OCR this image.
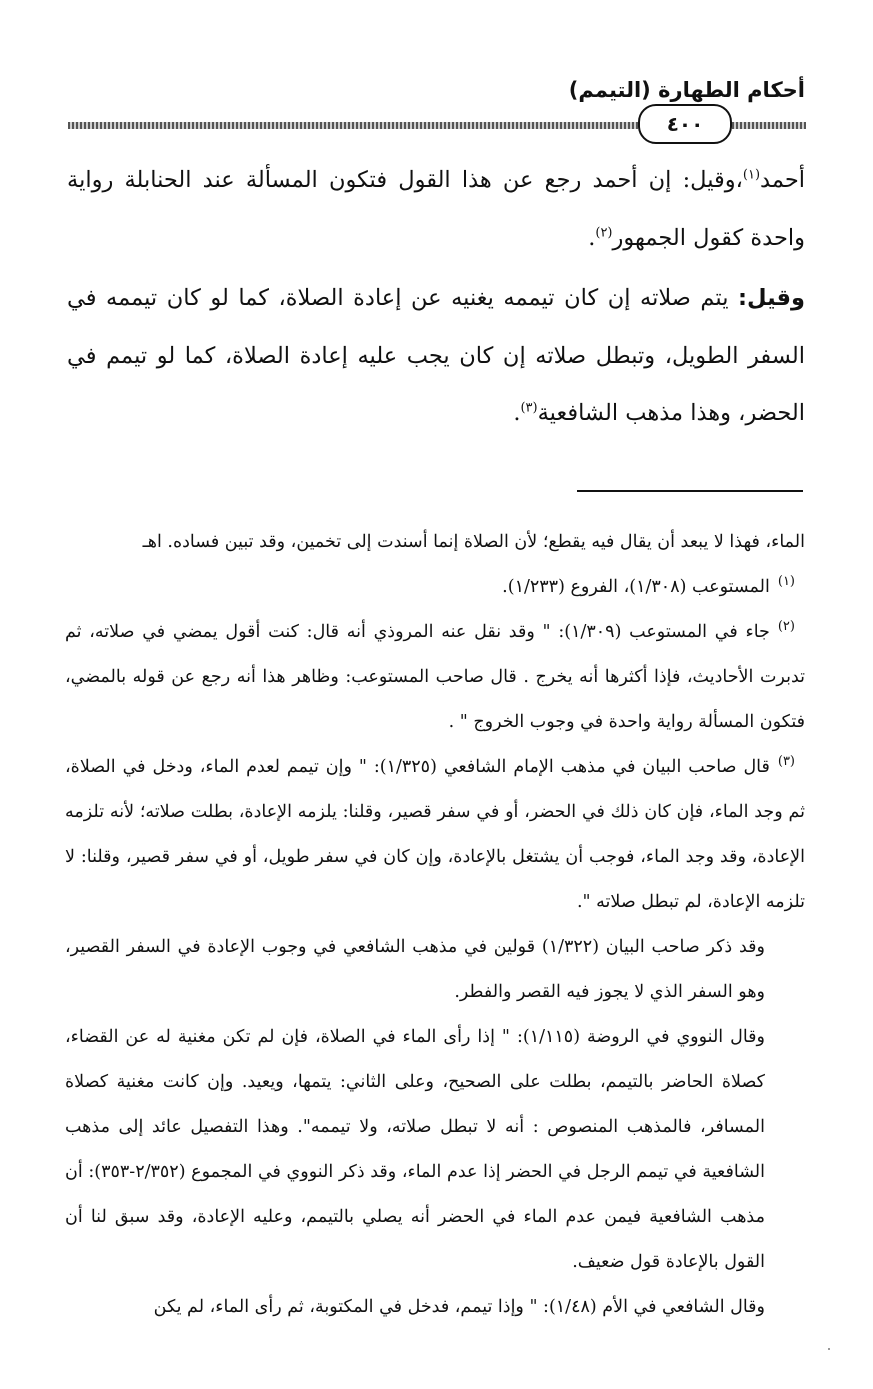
أحكام الطهارة (التيمم)
٤٠٠

أحمد$^{(١)}$،وقيل: إن أحمد رجع عن هذا القول فتكون المسألة عند الحنابلة رواية واحدة كقول الجمهور$^{(٢)}$.

وقيل: يتم صلاته إن كان تيممه يغنيه عن إعادة الصلاة، كما لو كان تيممه في السفر الطويل، وتبطل صلاته إن كان يجب عليه إعادة الصلاة، كما لو تيمم في الحضر، وهذا مذهب الشافعية$^{(٣)}$.

الماء، فهذا لا يبعد أن يقال فيه يقطع؛ لأن الصلاة إنما أسندت إلى تخمين، وقد تبين فساده. اهـ

$^{(١)}$المستوعب (١/٣٠٨)، الفروع (١/٢٣٣).

$^{(٢)}$جاء في المستوعب (١/٣٠٩): " وقد نقل عنه المروذي أنه قال: كنت أقول يمضي في صلاته، ثم تدبرت الأحاديث، فإذا أكثرها أنه يخرج . قال صاحب المستوعب: وظاهر هذا أنه رجع عن قوله بالمضي، فتكون المسألة رواية واحدة في وجوب الخروج " .

$^{(٣)}$قال صاحب البيان في مذهب الإمام الشافعي (١/٣٢٥): " وإن تيمم لعدم الماء، ودخل في الصلاة، ثم وجد الماء، فإن كان ذلك في الحضر، أو في سفر قصير، وقلنا: يلزمه الإعادة، بطلت صلاته؛ لأنه تلزمه الإعادة، وقد وجد الماء، فوجب أن يشتغل بالإعادة، وإن كان في سفر طويل، أو في سفر قصير، وقلنا: لا تلزمه الإعادة، لم تبطل صلاته ".

وقد ذكر صاحب البيان (١/٣٢٢) قولين في مذهب الشافعي في وجوب الإعادة في السفر القصير، وهو السفر الذي لا يجوز فيه القصر والفطر.

وقال النووي في الروضة (١/١١٥): " إذا رأى الماء في الصلاة، فإن لم تكن مغنية له عن القضاء، كصلاة الحاضر بالتيمم، بطلت على الصحيح، وعلى الثاني: يتمها، ويعيد. وإن كانت مغنية كصلاة المسافر، فالمذهب المنصوص : أنه لا تبطل صلاته، ولا تيممه". وهذا التفصيل عائد إلى مذهب الشافعية في تيمم الرجل في الحضر إذا عدم الماء، وقد ذكر النووي في المجموع (٢/٣٥٢-٣٥٣): أن مذهب الشافعية فيمن عدم الماء في الحضر أنه يصلي بالتيمم، وعليه الإعادة، وقد سبق لنا أن القول بالإعادة قول ضعيف.

وقال الشافعي في الأم (١/٤٨): " وإذا تيمم، فدخل في المكتوبة، ثم رأى الماء، لم يكن
